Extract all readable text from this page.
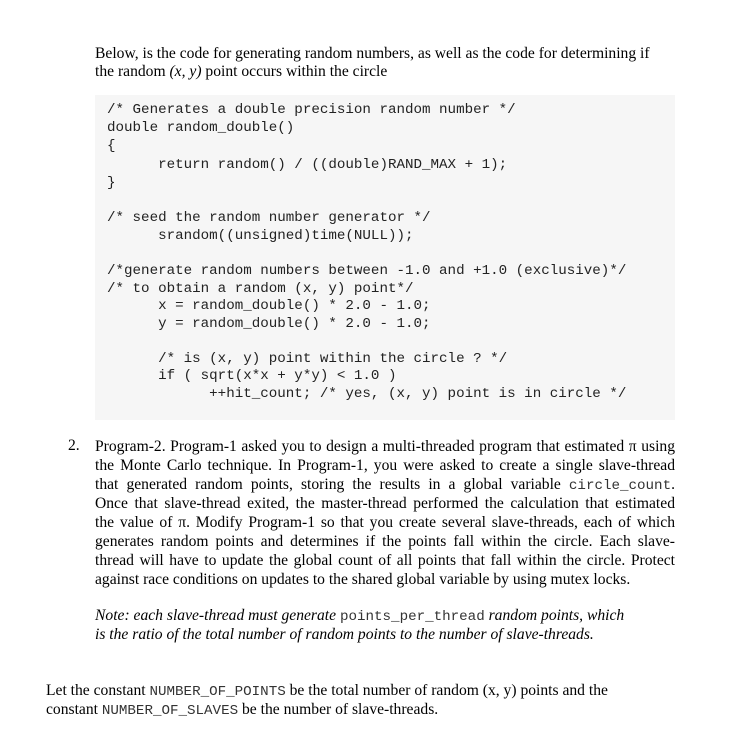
Below, is the code for generating random numbers, as well as the code for determining if
the random (x, y) point occurs within the circle

/* Generates a double precision random number */

double random_double()

{

return random() / ((double)RAND_MAX + 1);

}

/* seed the random number generator */

srandom((unsigned)time(NULL));

/*generate random numbers between -1.0 and +1.0 (exclusive)*/

/* to obtain a random (x, y) point*/

x = random_double() * 2.0 - 1.0;

y = random_double() * 2.0 - 1.0;

/* is (x, y) point within the circle ? */

if ( sqrt(x*x + y*y) < 1.0 )

++hit_count; /* yes, (x, y) point is in circle */

2. Program-2. Program-1 asked you to design a multi-threaded program that estimated π using
the Monte Carlo technique. In Program-1, you were asked to create a single slave-thread
that generated random points, storing the results in a global variable circle_count.
Once that slave-thread exited, the master-thread performed the calculation that estimated
the value of π. Modify Program-1 so that you create several slave-threads, each of which
generates random points and determines if the points fall within the circle. Each slave-
thread will have to update the global count of all points that fall within the circle. Protect
against race conditions on updates to the shared global variable by using mutex locks.

Note: each slave-thread must generate points_per_thread random points, which
is the ratio of the total number of random points to the number of slave-threads.

Let the constant NUMBER_OF_POINTS be the total number of random (x, y) points and the
constant NUMBER_OF_SLAVES be the number of slave-threads.
